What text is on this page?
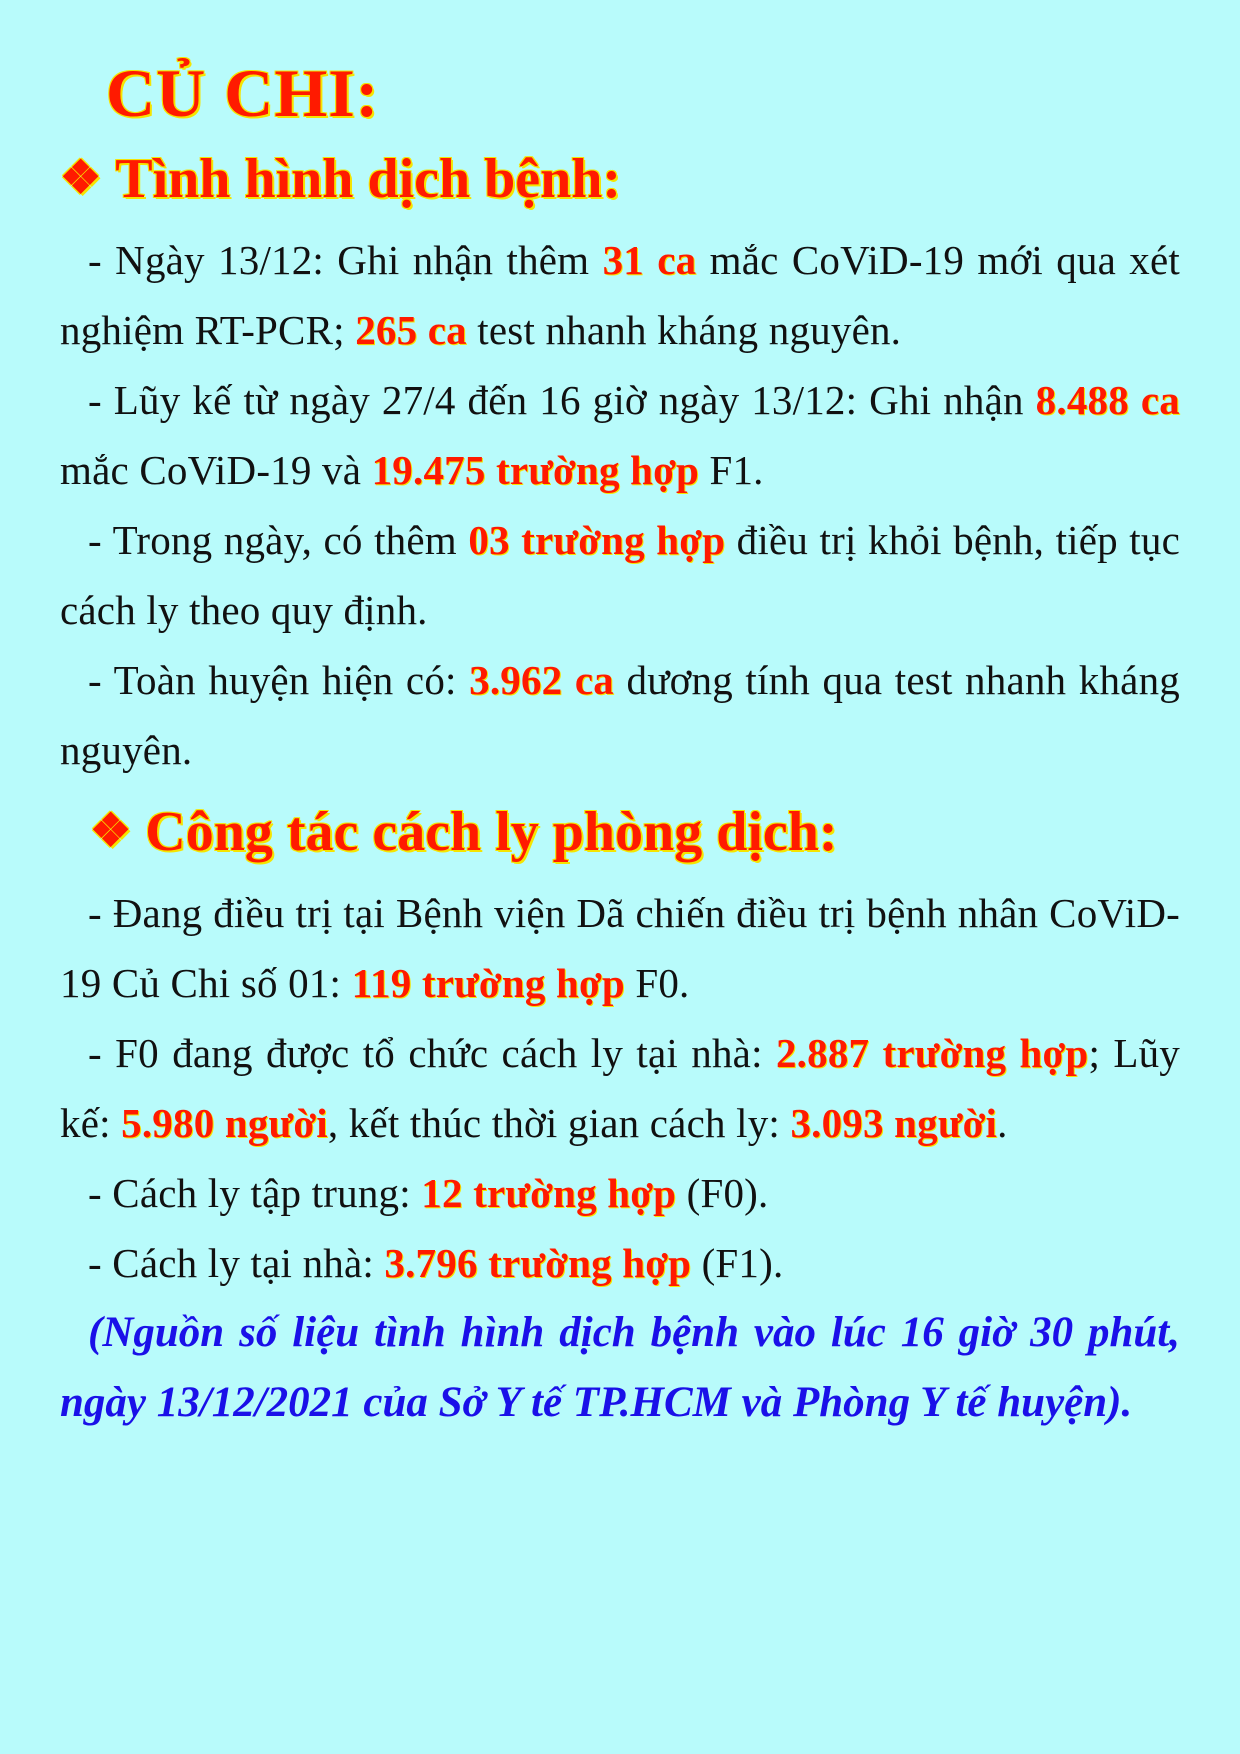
CỦ CHI:
❖ Tình hình dịch bệnh:

- Ngày 13/12: Ghi nhận thêm 31 ca mắc CoViD-19 mới qua xét nghiệm RT-PCR; 265 ca test nhanh kháng nguyên.

- Lũy kế từ ngày 27/4 đến 16 giờ ngày 13/12: Ghi nhận 8.488 ca mắc CoViD-19 và 19.475 trường hợp F1.

- Trong ngày, có thêm 03 trường hợp điều trị khỏi bệnh, tiếp tục cách ly theo quy định.

- Toàn huyện hiện có: 3.962 ca dương tính qua test nhanh kháng nguyên.

❖ Công tác cách ly phòng dịch:

- Đang điều trị tại Bệnh viện Dã chiến điều trị bệnh nhân CoViD-19 Củ Chi số 01: 119 trường hợp F0.

- F0 đang được tổ chức cách ly tại nhà: 2.887 trường hợp; Lũy kế: 5.980 người, kết thúc thời gian cách ly: 3.093 người.

- Cách ly tập trung: 12 trường hợp (F0).

- Cách ly tại nhà: 3.796 trường hợp (F1).

(Nguồn số liệu tình hình dịch bệnh vào lúc 16 giờ 30 phút, ngày 13/12/2021 của Sở Y tế TP.HCM và Phòng Y tế huyện).
